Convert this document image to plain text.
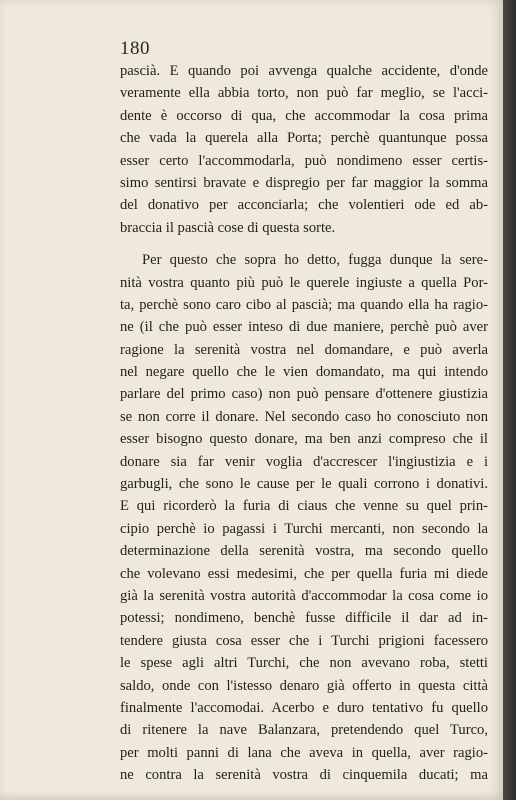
180
pascià. E quando poi avvenga qualche accidente, d'onde
veramente ella abbia torto, non può far meglio, se l'acci-
dente è occorso di qua, che accommodar la cosa prima
che vada la querela alla Porta; perchè quantunque possa
esser certo l'accommodarla, può nondimeno esser certis-
simo sentirsi bravate e dispregio per far maggior la somma
del donativo per acconciarla; che volentieri ode ed ab-
braccia il pascià cose di questa sorte.
Per questo che sopra ho detto, fugga dunque la sere-
nità vostra quanto più può le querele ingiuste a quella Por-
ta, perchè sono caro cibo al pascià; ma quando ella ha ragio-
ne (il che può esser inteso di due maniere, perchè può aver
ragione la serenità vostra nel domandare, e può averla
nel negare quello che le vien domandato, ma qui intendo
parlare del primo caso) non può pensare d'ottenere giustizia
se non corre il donare. Nel secondo caso ho conosciuto non
esser bisogno questo donare, ma ben anzi compreso che il
donare sia far venir voglia d'accrescer l'ingiustizia e i
garbugli, che sono le cause per le quali corrono i donativi.
E qui ricorderò la furia di ciaus che venne su quel prin-
cipio perchè io pagassi i Turchi mercanti, non secondo la
determinazione della serenità vostra, ma secondo quello
che volevano essi medesimi, che per quella furia mi diede
già la serenità vostra autorità d'accommodar la cosa come io
potessi; nondimeno, benchè fusse difficile il dar ad in-
tendere giusta cosa esser che i Turchi prigioni facessero
le spese agli altri Turchi, che non avevano roba, stetti
saldo, onde con l'istesso denaro già offerto in questa città
finalmente l'accomodai. Acerbo e duro tentativo fu quello
di ritenere la nave Balanzara, pretendendo quel Turco,
per molti panni di lana che aveva in quella, aver ragio-
ne contra la serenità vostra di cinquemila ducati; ma
